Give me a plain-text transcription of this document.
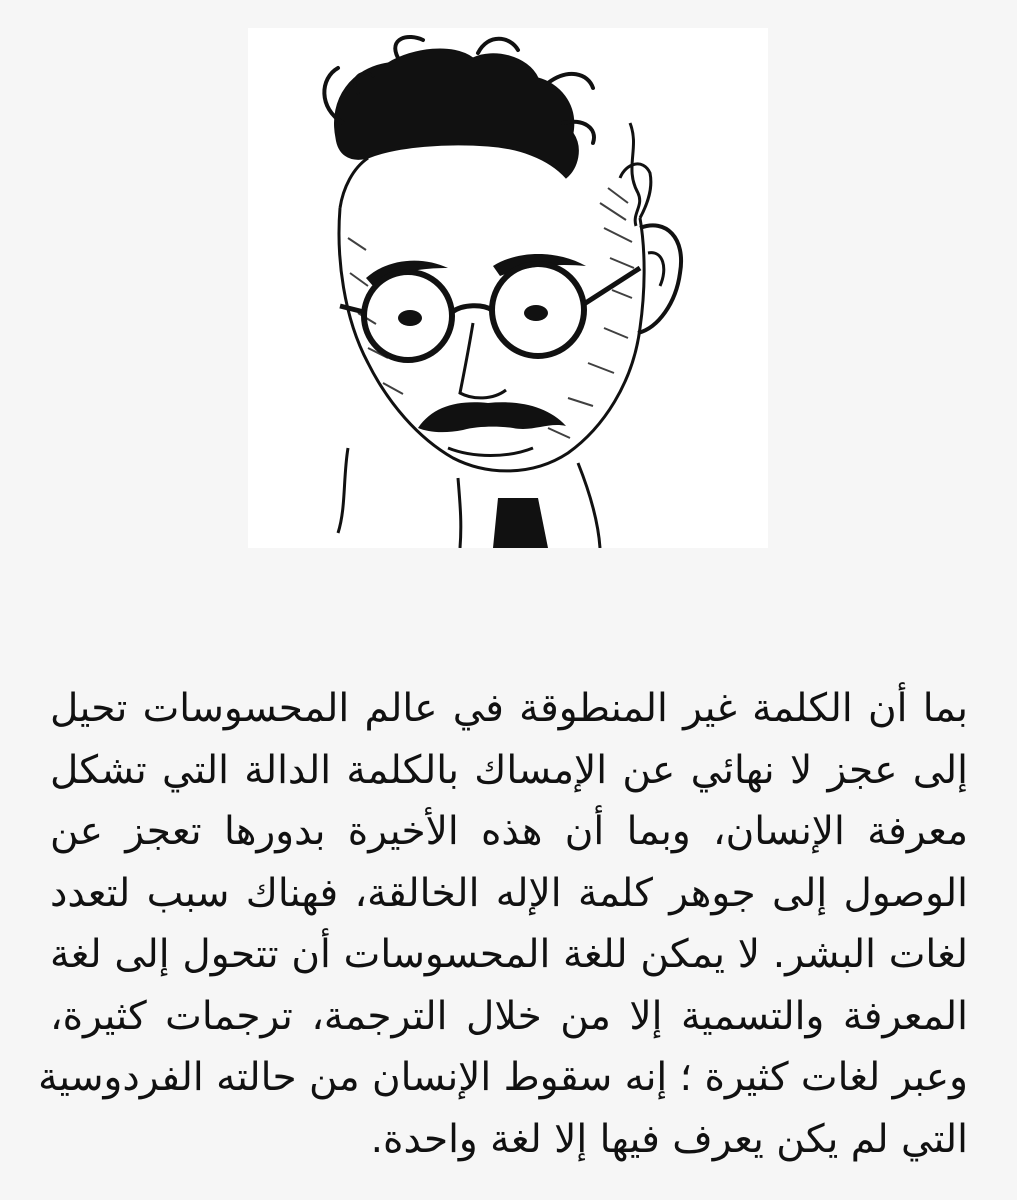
بما أن الكلمة غير المنطوقة في عالم المحسوسات تحيل
إلى عجز لا نهائي عن الإمساك بالكلمة الدالة التي تشكل
معرفة الإنسان، وبما أن هذه الأخيرة بدورها تعجز عن
الوصول إلى جوهر كلمة الإله الخالقة، فهناك سبب لتعدد
لغات البشر. لا يمكن للغة المحسوسات أن تتحول إلى لغة
المعرفة والتسمية إلا من خلال الترجمة، ترجمات كثيرة،
وعبر لغات كثيرة ؛ إنه سقوط الإنسان من حالته الفردوسية
التي لم يكن يعرف فيها إلا لغة واحدة.
